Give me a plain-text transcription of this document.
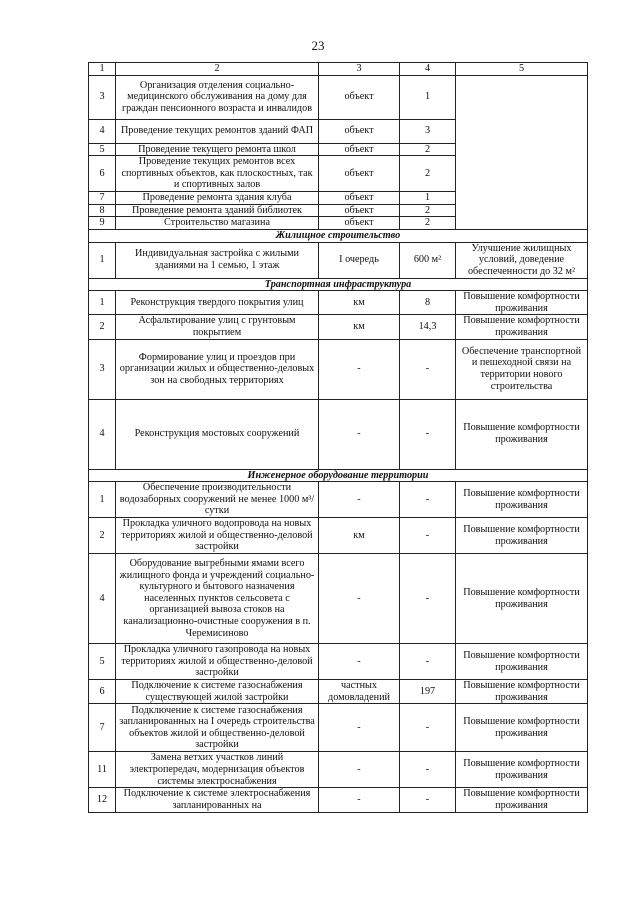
23
1	2	3	4	5
3	Организация отделения социально-медицинского обслуживания на дому для граждан пенсионного возраста и инвалидов	объект	1	
4	Проведение текущих ремонтов зданий ФАП	объект	3	
5	Проведение текущего ремонта школ	объект	2	
6	Проведение текущих ремонтов всех спортивных объектов, как плоскостных, так и спортивных залов	объект	2	
7	Проведение ремонта здания клуба	объект	1	
8	Проведение ремонта зданий библиотек	объект	2	
9	Строительство магазина	объект	2	
Жилищное строительство				
1	Индивидуальная застройка с жилыми зданиями на 1 семью, 1 этаж	I очередь	600 м²	Улучшение жилищных условий, доведение обеспеченности до 32 м²
Транспортная инфраструктура				
1	Реконструкция твердого покрытия улиц	км	8	Повышение комфортности проживания
2	Асфальтирование улиц с грунтовым покрытием	км	14,3	Повышение комфортности проживания
3	Формирование улиц и проездов при организации жилых и общественно-деловых зон на свободных территориях	-	-	Обеспечение транспортной и пешеходной связи на территории нового строительства
4	Реконструкция мостовых сооружений	-	-	Повышение комфортности проживания
Инженерное оборудование территории				
1	Обеспечение производительности водозаборных сооружений не менее 1000 м³/сутки	-	-	Повышение комфортности проживания
2	Прокладка уличного водопровода на новых территориях жилой и общественно-деловой застройки	км	-	Повышение комфортности проживания
4	Оборудование выгребными ямами всего жилищного фонда и учреждений социально-культурного и бытового назначения населенных пунктов сельсовета с организацией вывоза стоков на канализационно-очистные сооружения в п. Черемисиново	-	-	Повышение комфортности проживания
5	Прокладка уличного газопровода на новых территориях жилой и общественно-деловой застройки	-	-	Повышение комфортности проживания
6	Подключение к системе газоснабжения существующей жилой застройки	частных домовладений	197	Повышение комфортности проживания
7	Подключение к системе газоснабжения запланированных на I очередь строительства объектов жилой и общественно-деловой застройки	-	-	Повышение комфортности проживания
11	Замена ветхих участков линий электропередач, модернизация объектов системы электроснабжения	-	-	Повышение комфортности проживания
12	Подключение к системе электроснабжения запланированных на	-	-	Повышение комфортности проживания
